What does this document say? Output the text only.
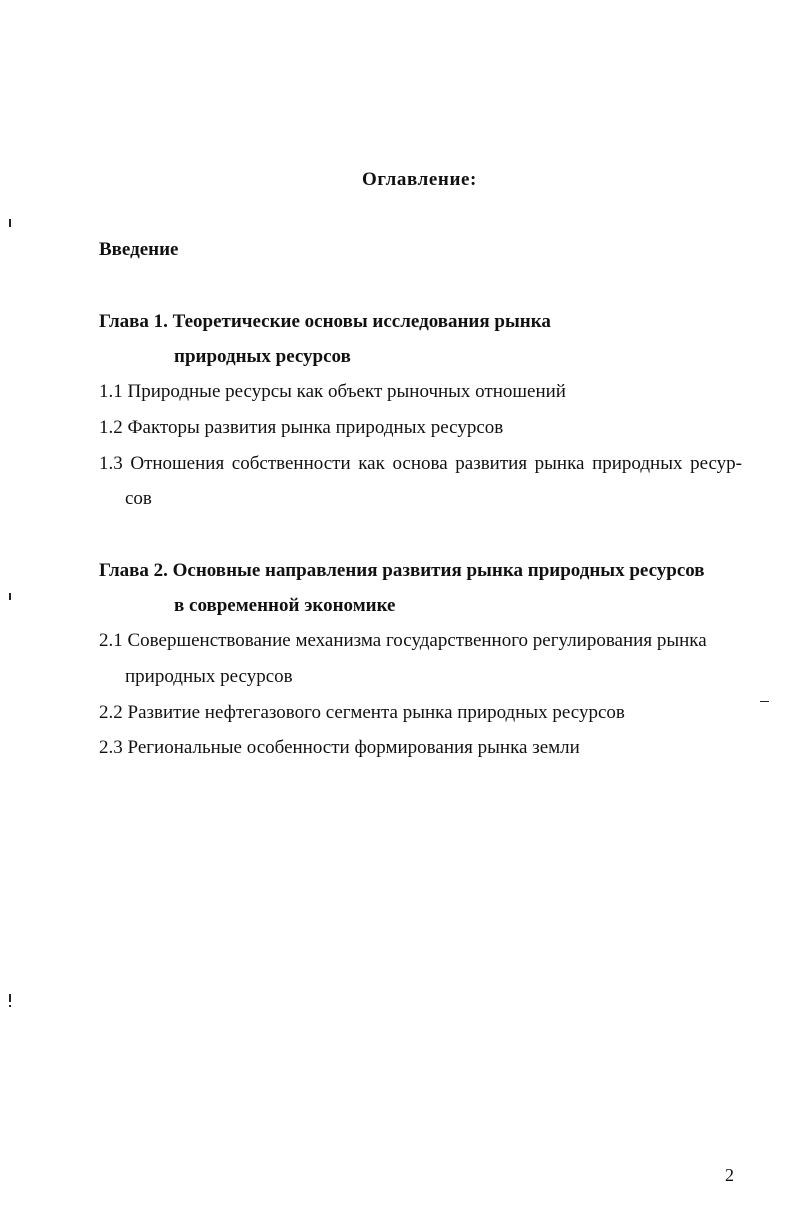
Оглавление:
Введение
Глава 1. Теоретические основы исследования рынка
природных ресурсов
1.1 Природные ресурсы как объект рыночных отношений
1.2 Факторы развития рынка природных ресурсов
1.3 Отношения собственности как основа развития рынка природных ресур-
сов
Глава 2. Основные направления развития рынка природных ресурсов
в современной экономике
2.1 Совершенствование механизма государственного регулирования рынка
природных ресурсов
2.2 Развитие нефтегазового сегмента рынка природных ресурсов
2.3 Региональные особенности формирования рынка земли
2
